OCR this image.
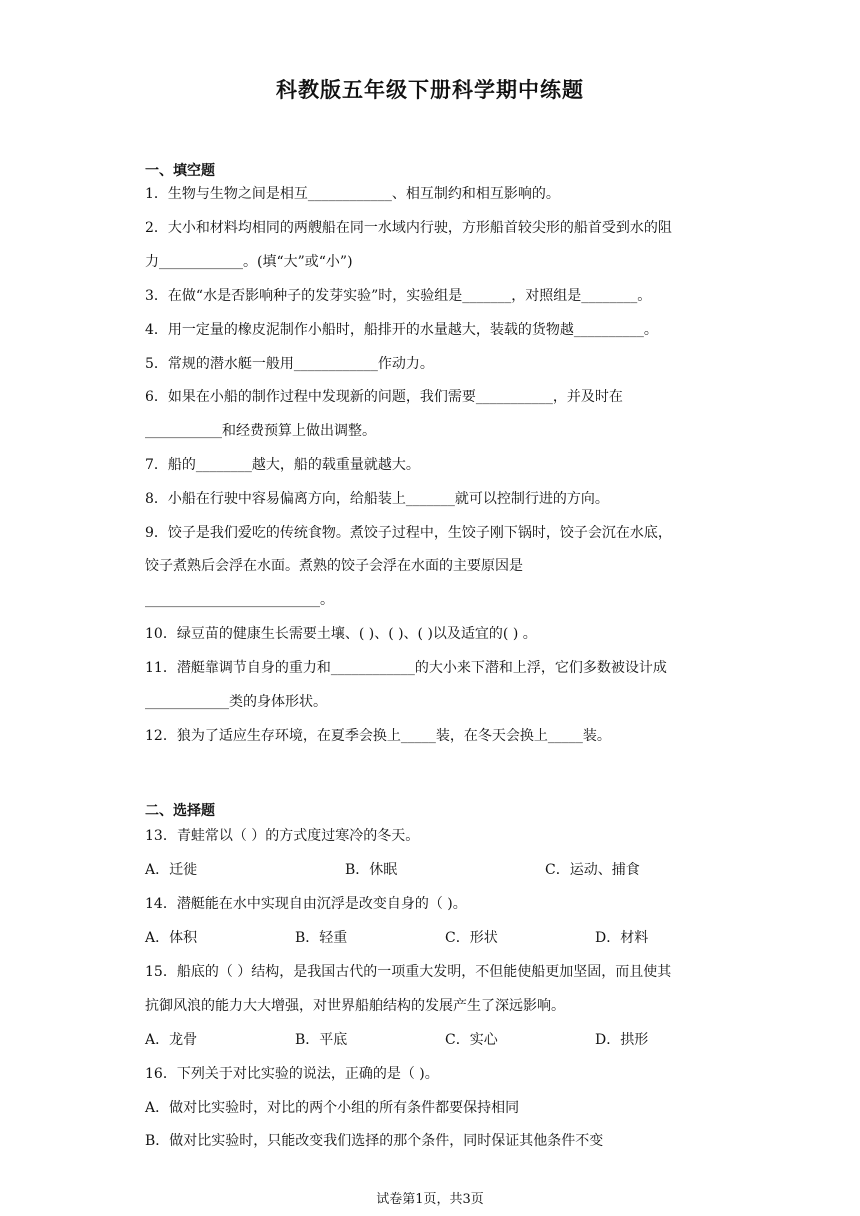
科教版五年级下册科学期中练题
一、填空题
1．生物与生物之间是相互____________、相互制约和相互影响的。
2．大小和材料均相同的两艘船在同一水域内行驶，方形船首较尖形的船首受到水的阻
力____________。(填“大”或“小”)
3．在做“水是否影响种子的发芽实验”时，实验组是_______，对照组是________。
4．用一定量的橡皮泥制作小船时，船排开的水量越大，装载的货物越__________。
5．常规的潜水艇一般用____________作动力。
6．如果在小船的制作过程中发现新的问题，我们需要___________，并及时在
___________和经费预算上做出调整。
7．船的________越大，船的载重量就越大。
8．小船在行驶中容易偏离方向，给船装上_______就可以控制行进的方向。
9．饺子是我们爱吃的传统食物。煮饺子过程中，生饺子刚下锅时，饺子会沉在水底，
饺子煮熟后会浮在水面。煮熟的饺子会浮在水面的主要原因是
_________________________。
10．绿豆苗的健康生长需要土壤、( )、( )、( )以及适宜的( ) 。
11．潜艇靠调节自身的重力和____________的大小来下潜和上浮，它们多数被设计成
____________类的身体形状。
12．狼为了适应生存环境，在夏季会换上_____装，在冬天会换上_____装。
二、选择题
13．青蛙常以（ ）的方式度过寒冷的冬天。
A．迁徙	B．休眠	C．运动、捕食
14．潜艇能在水中实现自由沉浮是改变自身的（ )。
A．体积	B．轻重	C．形状	D．材料
15．船底的（ ）结构，是我国古代的一项重大发明，不但能使船更加坚固，而且使其
抗御风浪的能力大大增强，对世界船舶结构的发展产生了深远影响。
A．龙骨	B．平底	C．实心	D．拱形
16．下列关于对比实验的说法，正确的是（ )。
A．做对比实验时，对比的两个小组的所有条件都要保持相同
B．做对比实验时，只能改变我们选择的那个条件，同时保证其他条件不变
试卷第1页，共3页
